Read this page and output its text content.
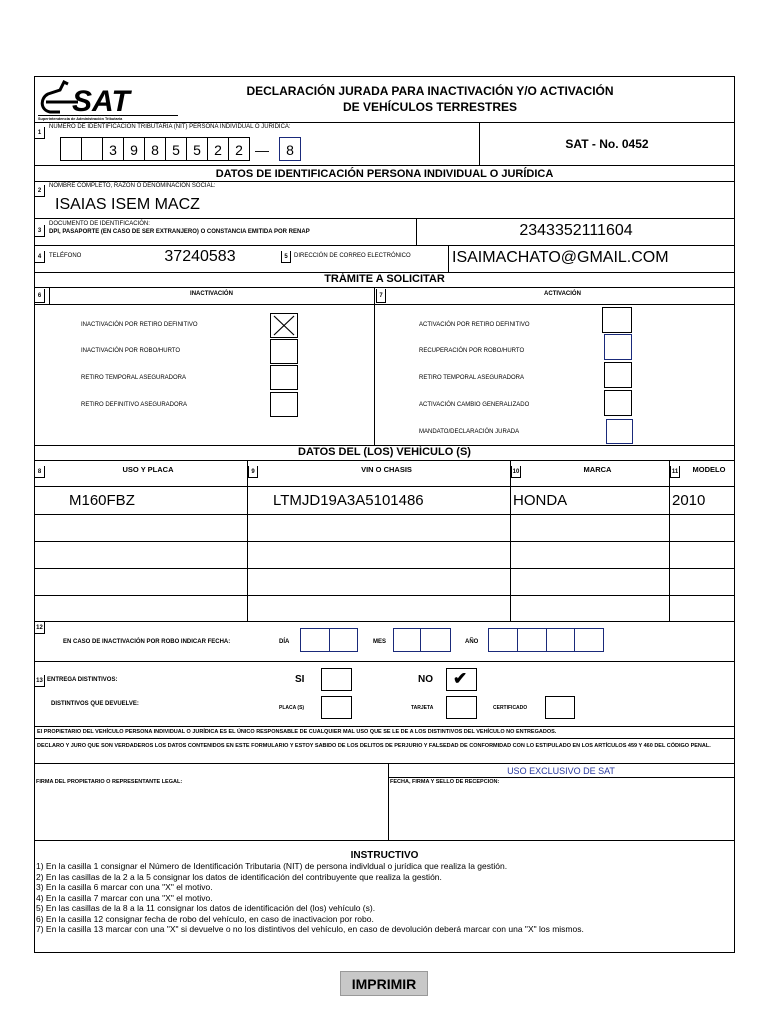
SAT
Superintendencia de Administración Tributaria
DECLARACIÓN JURADA PARA INACTIVACIÓN Y/O ACTIVACIÓN
DE VEHÍCULOS TERRESTRES
1
NUMERO DE IDENTIFICACION TRIBUTARIA (NIT) PERSONA INDIVIDUAL O JURIDICA:
3 9 8 5 5 2 2 —	8	SAT - No. 0452
DATOS DE IDENTIFICACIÓN PERSONA INDIVIDUAL O JURÍDICA
2
NOMBRE COMPLETO, RAZON O DENOMINACION SOCIAL:
ISAIAS ISEM MACZ
3
DOCUMENTO DE IDENTIFICACIÓN:
DPI, PASAPORTE (EN CASO DE SER EXTRANJERO) O CONSTANCIA EMITIDA POR RENAP	2343352111604
4	TELÉFONO	37240583	5	DIRECCIÓN DE CORREO ELECTRÓNICO	ISAIMACHATO@GMAIL.COM
TRÁMITE A SOLICITAR
6	INACTIVACIÓN	7	ACTIVACIÓN
INACTIVACIÓN POR RETIRO DEFINITIVO
INACTIVACIÓN POR ROBO/HURTO
RETIRO TEMPORAL ASEGURADORA
RETIRO DEFINITIVO ASEGURADORA
ACTIVACIÓN POR RETIRO DEFINITIVO
RECUPERACIÓN POR ROBO/HURTO
RETIRO TEMPORAL ASEGURADORA
ACTIVACIÓN CAMBIO GENERALIZADO
MANDATO/DECLARACIÓN JURADA
DATOS DEL (LOS) VEHÍCULO (S)
8	USO Y PLACA	9	VIN O CHASIS	10	MARCA	11	MODELO
M160FBZ	LTMJD19A3A5101486	HONDA	2010
12
EN CASO DE INACTIVACIÓN POR ROBO INDICAR FECHA:	DÍA	MES	AÑO
13 ENTREGA DISTINTIVOS:	SI	NO ✔
DISTINTIVOS QUE DEVUELVE:
PLACA (S)	TARJETA	CERTIFICADO
El PROPIETARIO DEL VEHÍCULO PERSONA INDIVIDUAL O JURÍDICA ES EL ÚNICO RESPONSABLE DE CUALQUIER MAL USO QUE SE LE DE A LOS DISTINTIVOS DEL VEHÍCULO NO ENTREGADOS.
DECLARO Y JURO QUE SON VERDADEROS LOS DATOS CONTENIDOS EN ESTE FORMULARIO Y ESTOY SABIDO DE LOS DELITOS DE PERJURIO Y FALSEDAD DE CONFORMIDAD CON LO ESTIPULADO EN LOS ARTÍCULOS 459 Y 460 DEL CÓDIGO PENAL.
USO EXCLUSIVO DE SAT
FIRMA DEL PROPIETARIO O REPRESENTANTE LEGAL:	FECHA, FIRMA Y SELLO DE RECEPCION:
INSTRUCTIVO
1) En la casilla 1 consignar el Número de Identificación Tributaria (NIT) de persona indivldual o jurídica que realiza la gestión.
2) En las casillas de la 2 a la 5 consignar los datos de identificación del contribuyente que realiza la gestión.
3) En la casilla 6 marcar con una "X" el motivo.
4) En la casilla 7 marcar con una "X" el motivo.
5) En las casillas de la 8 a la 11 consignar los datos de identificación del (los) vehículo (s).
6) En la casilla 12 consignar fecha de robo del vehículo, en caso de inactivacion por robo.
7) En la casilla 13 marcar con una "X" si devuelve o no los distintivos del vehículo, en caso de devolución deberá marcar con una "X" los mismos.
IMPRIMIR
